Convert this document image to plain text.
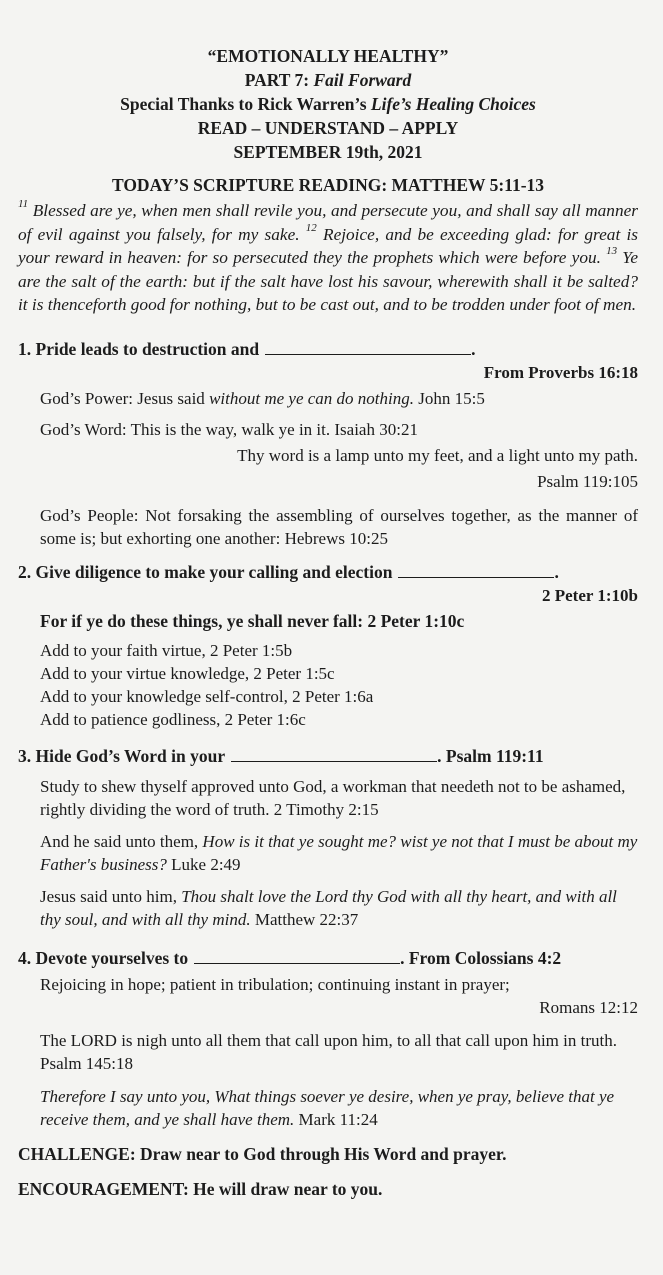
“EMOTIONALLY HEALTHY”
PART 7: Fail Forward
Special Thanks to Rick Warren’s Life’s Healing Choices
READ – UNDERSTAND – APPLY
SEPTEMBER 19th, 2021
TODAY’S SCRIPTURE READING: MATTHEW 5:11-13
$^{11}$ Blessed are ye, when men shall revile you, and persecute you, and shall say all manner of evil against you falsely, for my sake. $^{12}$ Rejoice, and be exceeding glad: for great is your reward in heaven: for so persecuted they the prophets which were before you. $^{13}$ Ye are the salt of the earth: but if the salt have lost his savour, wherewith shall it be salted? it is thenceforth good for nothing, but to be cast out, and to be trodden under foot of men.
1. Pride leads to destruction and	.
From Proverbs 16:18
God’s Power: Jesus said without me ye can do nothing. John 15:5
God’s Word: This is the way, walk ye in it. Isaiah 30:21
Thy word is a lamp unto my feet, and a light unto my path.
Psalm 119:105
God’s People: Not forsaking the assembling of ourselves together, as the manner of some is; but exhorting one another: Hebrews 10:25
2. Give diligence to make your calling and election	.
2 Peter 1:10b
For if ye do these things, ye shall never fall: 2 Peter 1:10c
Add to your faith virtue, 2 Peter 1:5b
Add to your virtue knowledge, 2 Peter 1:5c
Add to your knowledge self-control, 2 Peter 1:6a
Add to patience godliness, 2 Peter 1:6c
3. Hide God’s Word in your	. Psalm 119:11
Study to shew thyself approved unto God, a workman that needeth not to be ashamed, rightly dividing the word of truth. 2 Timothy 2:15
And he said unto them, How is it that ye sought me? wist ye not that I must be about my Father's business? Luke 2:49
Jesus said unto him, Thou shalt love the Lord thy God with all thy heart, and with all thy soul, and with all thy mind. Matthew 22:37
4. Devote yourselves to	. From Colossians 4:2
Rejoicing in hope; patient in tribulation; continuing instant in prayer;
Romans 12:12
The LORD is nigh unto all them that call upon him, to all that call upon him in truth. Psalm 145:18
Therefore I say unto you, What things soever ye desire, when ye pray, believe that ye receive them, and ye shall have them. Mark 11:24
CHALLENGE: Draw near to God through His Word and prayer.
ENCOURAGEMENT: He will draw near to you.
